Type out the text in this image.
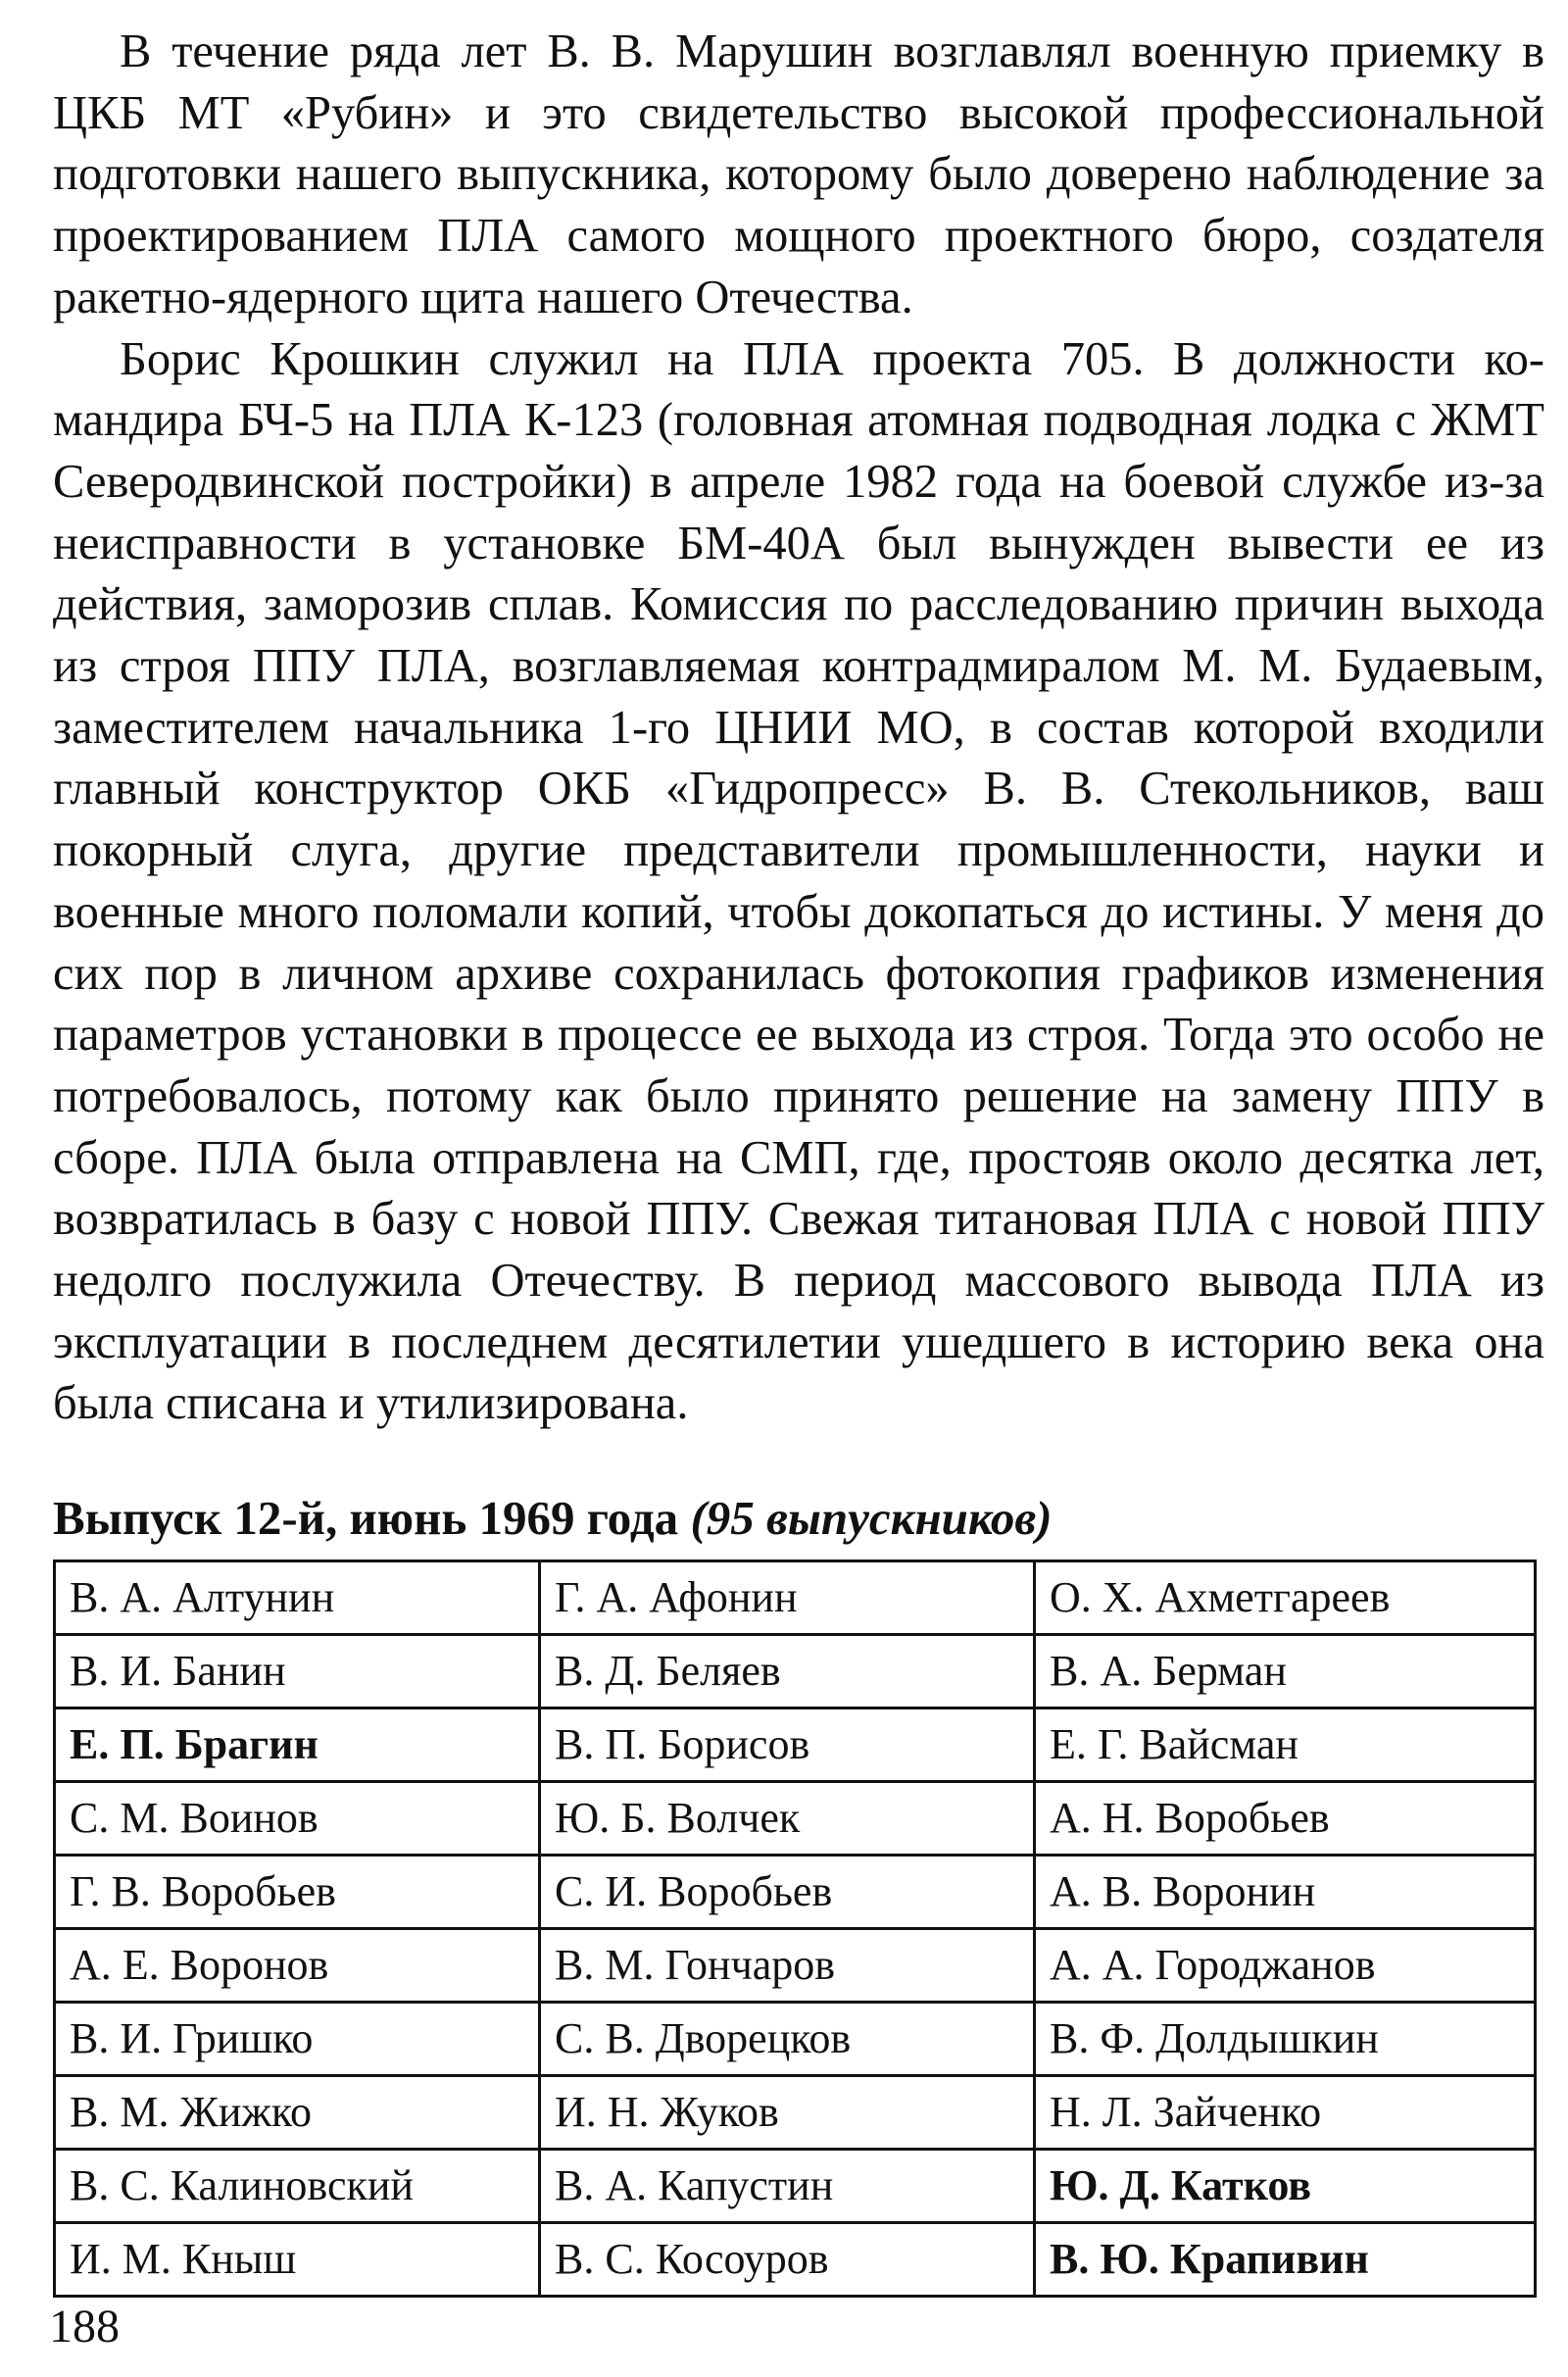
В течение ряда лет В. В. Марушин возглавлял военную приемку в ЦКБ МТ «Рубин» и это свидетельство высокой профессиональной подготовки нашего выпускника, которому было доверено наблюдение за проектированием ПЛА самого мощного проектного бюро, создателя ракетно-ядерного щита нашего Отечества.

Борис Крошкин служил на ПЛА проекта 705. В должности командира БЧ-5 на ПЛА К-123 (головная атомная подводная лодка с ЖМТ Северодвинской постройки) в апреле 1982 года на боевой службе из-за неисправности в установке БМ-40А был вынужден вывести ее из действия, заморозив сплав. Комиссия по расследованию причин выхода из строя ППУ ПЛА, возглавляемая контрадмиралом М. М. Будаевым, заместителем начальника 1-го ЦНИИ МО, в состав которой входили главный конструктор ОКБ «Гидропресс» В. В. Стекольников, ваш покорный слуга, другие представители промышленности, науки и военные много поломали копий, чтобы докопаться до истины. У меня до сих пор в личном архиве сохранилась фотокопия графиков изменения параметров установки в процессе ее выхода из строя. Тогда это особо не потребовалось, потому как было принято решение на замену ППУ в сборе. ПЛА была отправлена на СМП, где, простояв около десятка лет, возвратилась в базу с новой ППУ. Свежая титановая ПЛА с новой ППУ недолго послужила Отечеству. В период массового вывода ПЛА из эксплуатации в последнем десятилетии ушедшего в историю века она была списана и утилизирована.

Выпуск 12-й, июнь 1969 года (95 выпускников)
В. А. Алтунин	Г. А. Афонин	О. Х. Ахметгареев
В. И. Банин	В. Д. Беляев	В. А. Берман
Е. П. Брагин	В. П. Борисов	Е. Г. Вайсман
С. М. Воинов	Ю. Б. Волчек	А. Н. Воробьев
Г. В. Воробьев	С. И. Воробьев	А. В. Воронин
А. Е. Воронов	В. М. Гончаров	А. А. Городжанов
В. И. Гришко	С. В. Дворецков	В. Ф. Долдышкин
В. М. Жижко	И. Н. Жуков	Н. Л. Зайченко
В. С. Калиновский	В. А. Капустин	Ю. Д. Катков
И. М. Кныш	В. С. Косоуров	В. Ю. Крапивин
188
